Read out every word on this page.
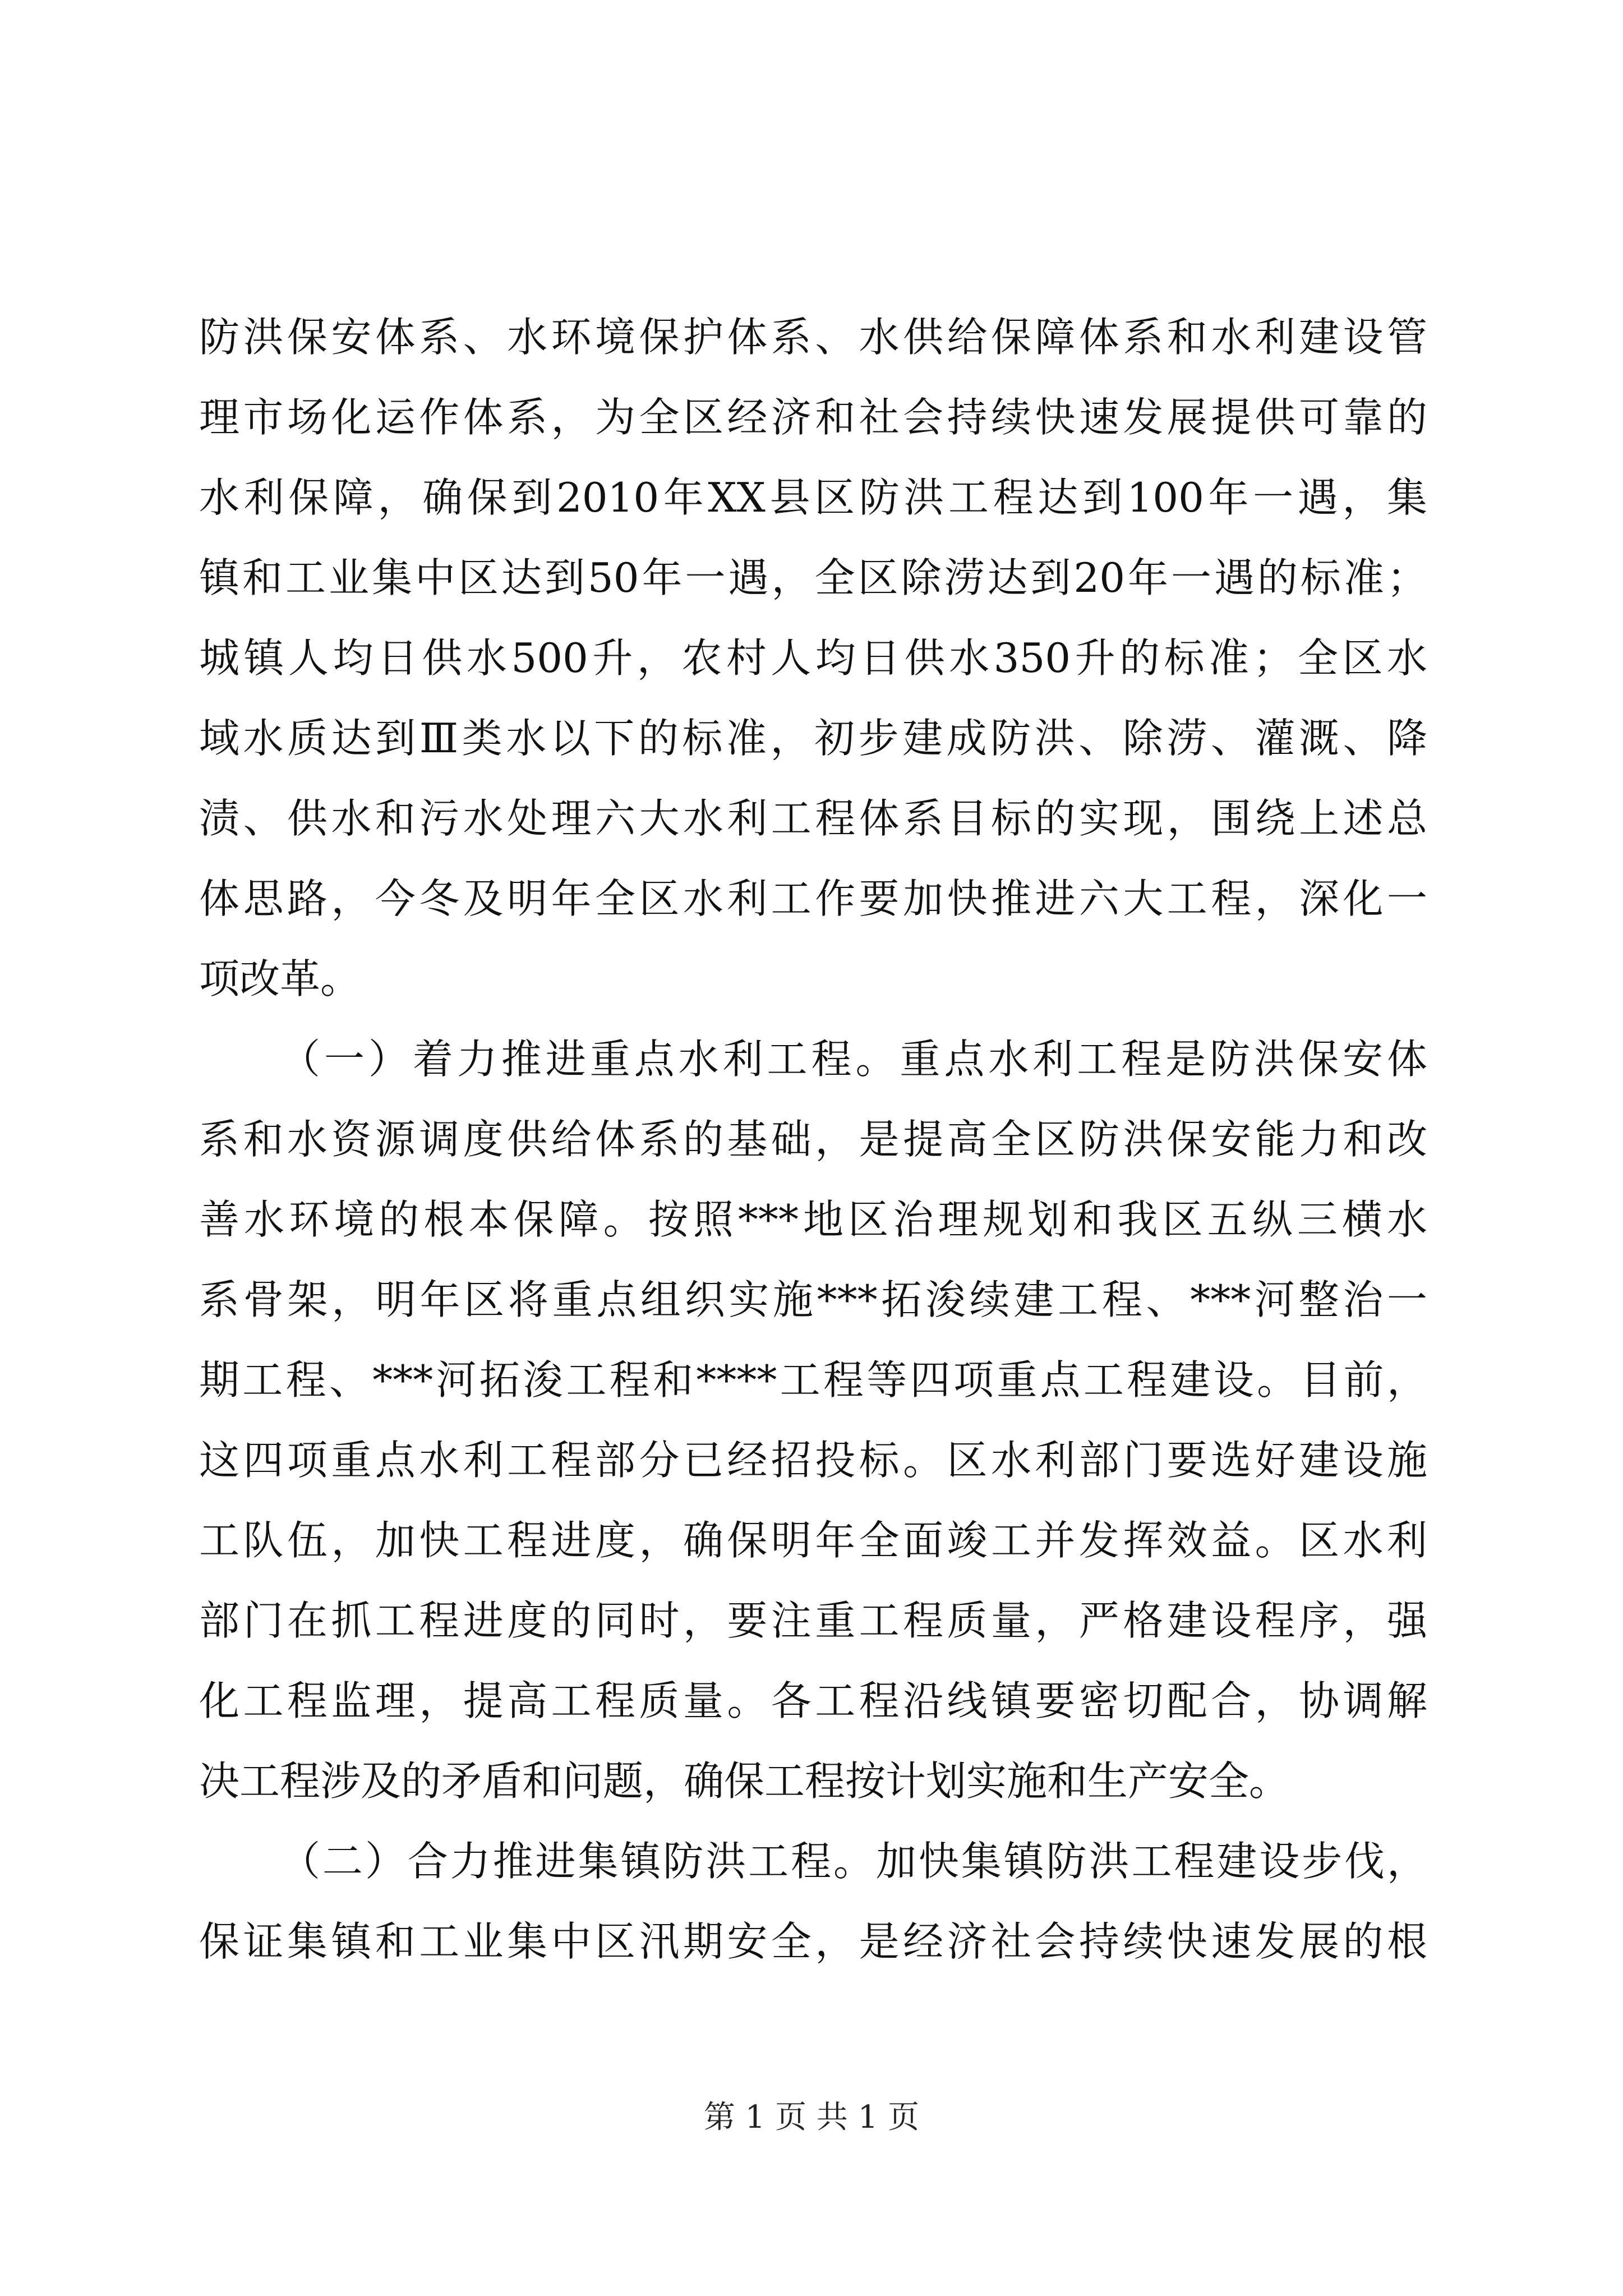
防洪保安体系、水环境保护体系、水供给保障体系和水利建设管
理市场化运作体系，为全区经济和社会持续快速发展提供可靠的
水利保障，确保到2010年XX县区防洪工程达到100年一遇，集
镇和工业集中区达到50年一遇，全区除涝达到20年一遇的标准；
城镇人均日供水500升，农村人均日供水350升的标准；全区水
域水质达到Ⅲ类水以下的标准，初步建成防洪、除涝、灌溉、降
渍、供水和污水处理六大水利工程体系目标的实现，围绕上述总
体思路，今冬及明年全区水利工作要加快推进六大工程，深化一
项改革。
（一）着力推进重点水利工程。重点水利工程是防洪保安体
系和水资源调度供给体系的基础，是提高全区防洪保安能力和改
善水环境的根本保障。按照***地区治理规划和我区五纵三横水
系骨架，明年区将重点组织实施***拓浚续建工程、***河整治一
期工程、***河拓浚工程和****工程等四项重点工程建设。目前，
这四项重点水利工程部分已经招投标。区水利部门要选好建设施
工队伍，加快工程进度，确保明年全面竣工并发挥效益。区水利
部门在抓工程进度的同时，要注重工程质量，严格建设程序，强
化工程监理，提高工程质量。各工程沿线镇要密切配合，协调解
决工程涉及的矛盾和问题，确保工程按计划实施和生产安全。
（二）合力推进集镇防洪工程。加快集镇防洪工程建设步伐，
保证集镇和工业集中区汛期安全，是经济社会持续快速发展的根
第 1 页 共 1 页
